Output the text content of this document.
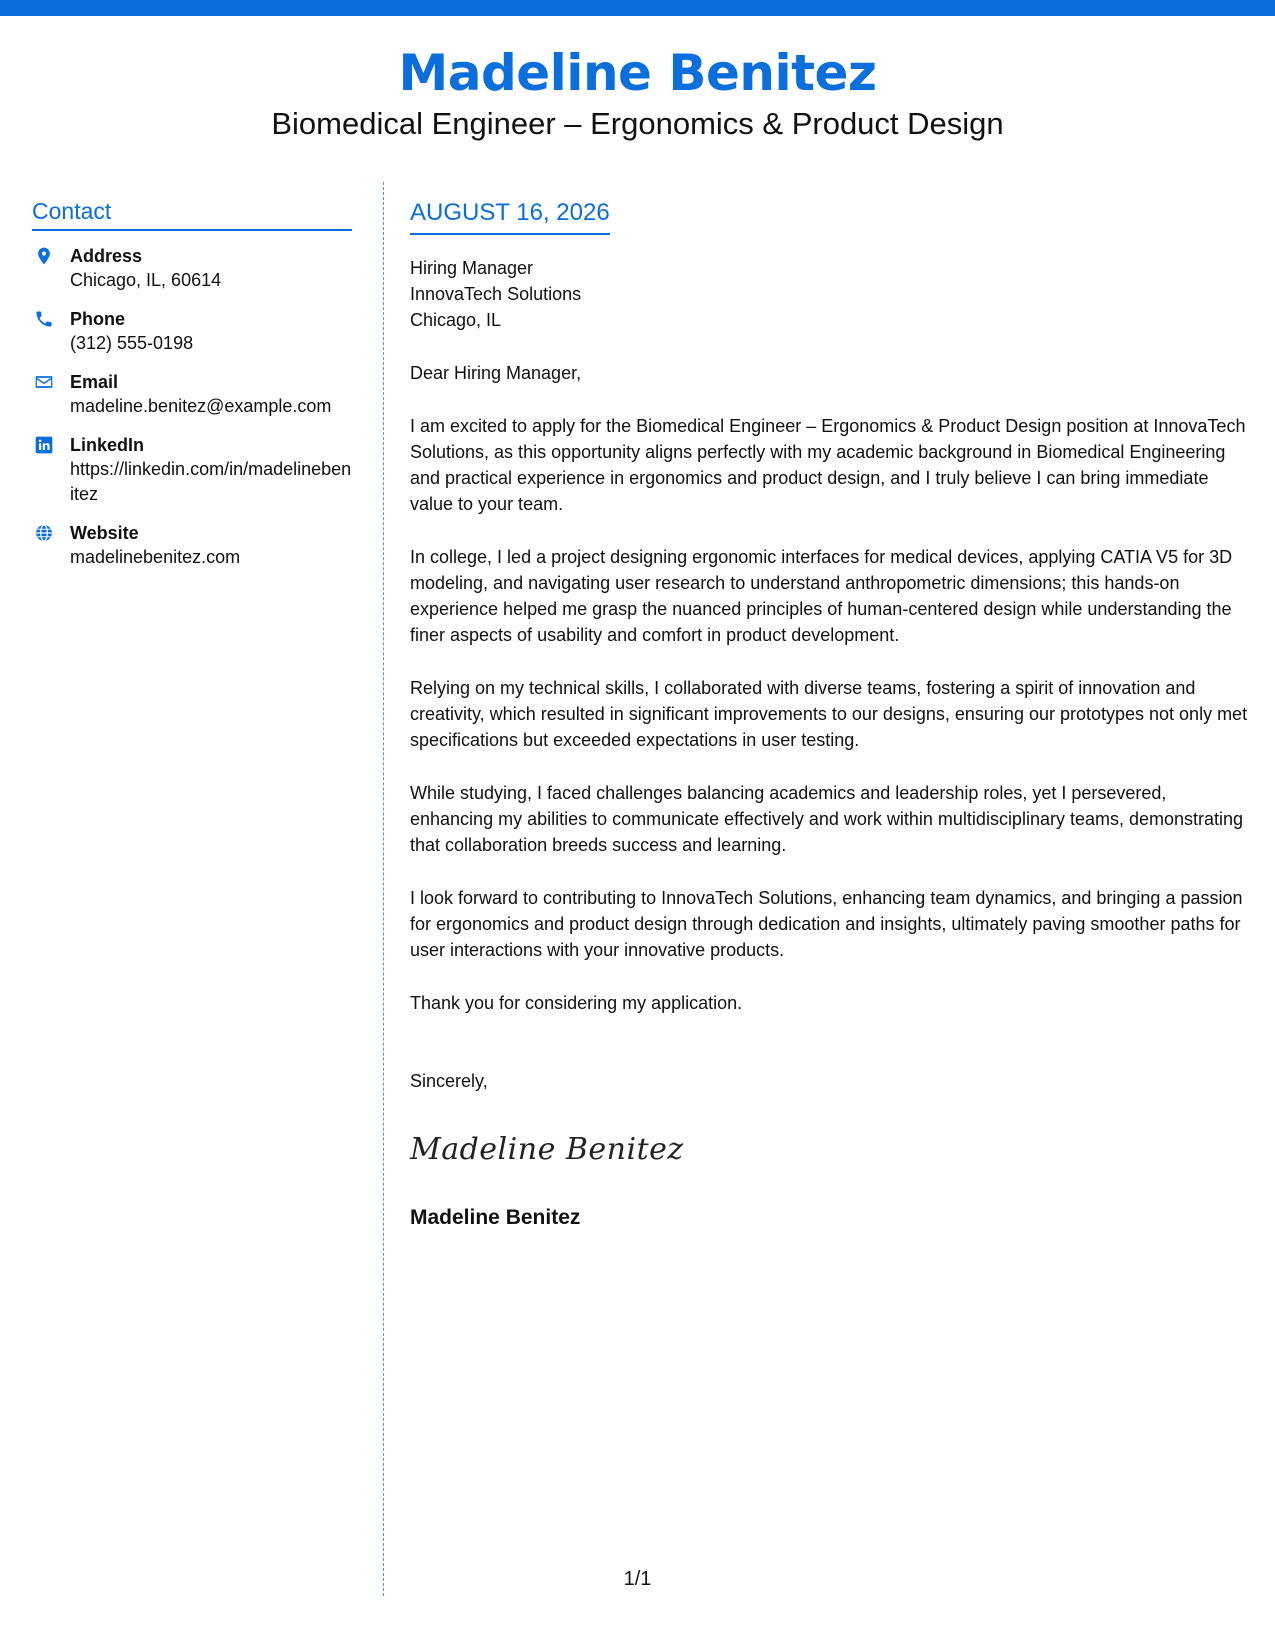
Madeline Benitez
Biomedical Engineer – Ergonomics & Product Design
Contact
Address
Chicago, IL, 60614
Phone
(312) 555-0198
Email
madeline.benitez@example.com
LinkedIn
https://linkedin.com/in/madelinebenitez
Website
madelinebenitez.com
AUGUST 16, 2026
Hiring Manager
InnovaTech Solutions
Chicago, IL
Dear Hiring Manager,

I am excited to apply for the Biomedical Engineer – Ergonomics & Product Design position at InnovaTech Solutions, as this opportunity aligns perfectly with my academic background in Biomedical Engineering and practical experience in ergonomics and product design, and I truly believe I can bring immediate value to your team.

In college, I led a project designing ergonomic interfaces for medical devices, applying CATIA V5 for 3D modeling, and navigating user research to understand anthropometric dimensions; this hands-on experience helped me grasp the nuanced principles of human-centered design while understanding the finer aspects of usability and comfort in product development.

Relying on my technical skills, I collaborated with diverse teams, fostering a spirit of innovation and creativity, which resulted in significant improvements to our designs, ensuring our prototypes not only met specifications but exceeded expectations in user testing.

While studying, I faced challenges balancing academics and leadership roles, yet I persevered, enhancing my abilities to communicate effectively and work within multidisciplinary teams, demonstrating that collaboration breeds success and learning.

I look forward to contributing to InnovaTech Solutions, enhancing team dynamics, and bringing a passion for ergonomics and product design through dedication and insights, ultimately paving smoother paths for user interactions with your innovative products.

Thank you for considering my application.

Sincerely,
Madeline Benitez
Madeline Benitez
1/1
